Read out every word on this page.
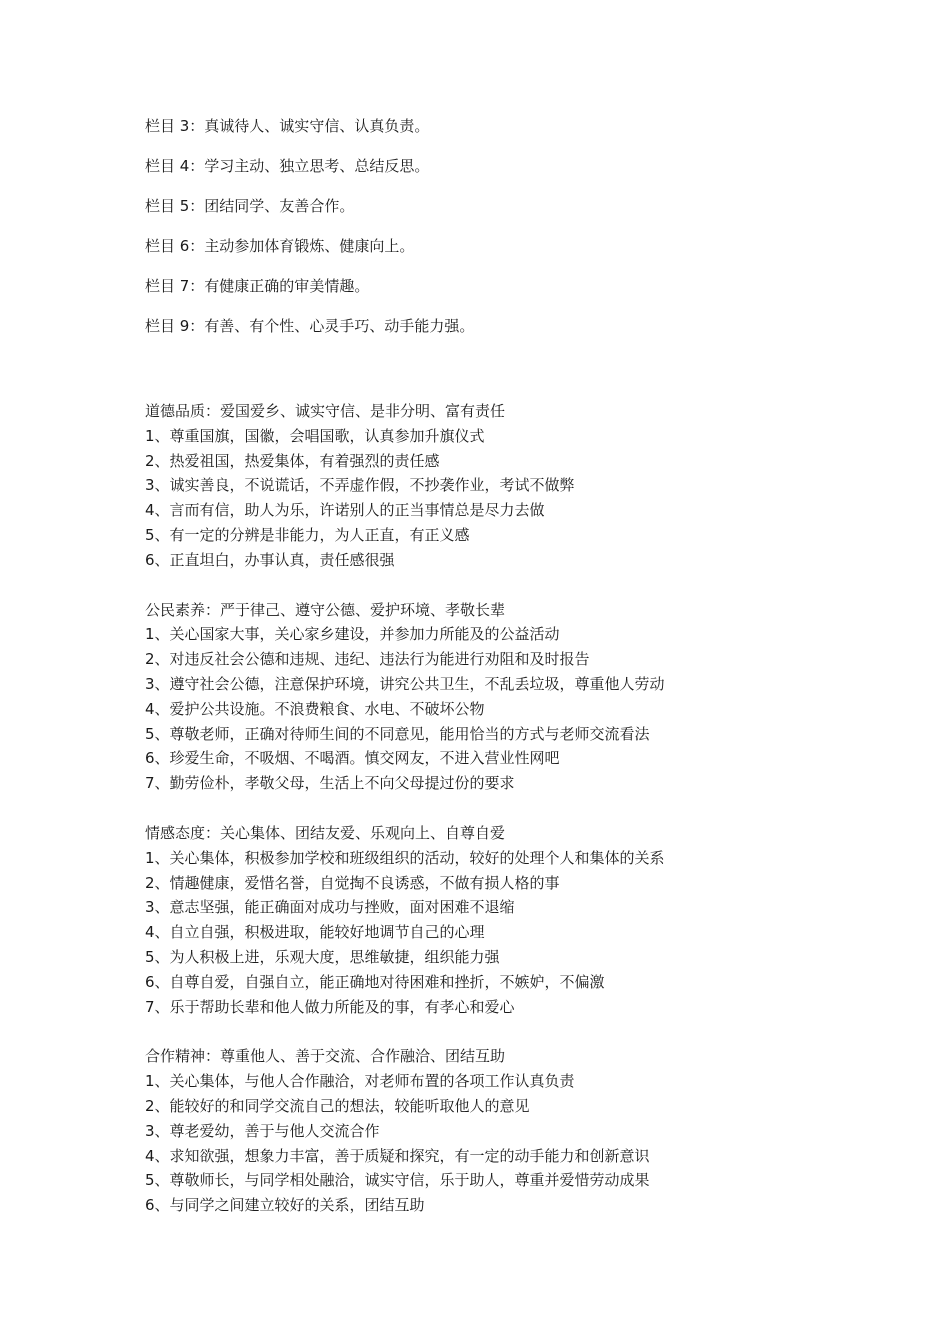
栏目 3：真诚待人、诚实守信、认真负责。
栏目 4：学习主动、独立思考、总结反思。
栏目 5：团结同学、友善合作。
栏目 6：主动参加体育锻炼、健康向上。
栏目 7：有健康正确的审美情趣。
栏目 9：有善、有个性、心灵手巧、动手能力强。
道德品质：爱国爱乡、诚实守信、是非分明、富有责任
1、尊重国旗，国徽，会唱国歌，认真参加升旗仪式
2、热爱祖国，热爱集体，有着强烈的责任感
3、诚实善良，不说谎话，不弄虚作假，不抄袭作业，考试不做弊
4、言而有信，助人为乐，许诺别人的正当事情总是尽力去做
5、有一定的分辨是非能力，为人正直，有正义感
6、正直坦白，办事认真，责任感很强
公民素养：严于律己、遵守公德、爱护环境、孝敬长辈
1、关心国家大事，关心家乡建设，并参加力所能及的公益活动
2、对违反社会公德和违规、违纪、违法行为能进行劝阻和及时报告
3、遵守社会公德，注意保护环境，讲究公共卫生，不乱丢垃圾，尊重他人劳动
4、爱护公共设施。不浪费粮食、水电、不破坏公物
5、尊敬老师，正确对待师生间的不同意见，能用恰当的方式与老师交流看法
6、珍爱生命，不吸烟、不喝酒。慎交网友，不进入营业性网吧
7、勤劳俭朴，孝敬父母，生活上不向父母提过份的要求
情感态度：关心集体、团结友爱、乐观向上、自尊自爱
1、关心集体，积极参加学校和班级组织的活动，较好的处理个人和集体的关系
2、情趣健康，爱惜名誉，自觉掏不良诱惑，不做有损人格的事
3、意志坚强，能正确面对成功与挫败，面对困难不退缩
4、自立自强，积极进取，能较好地调节自己的心理
5、为人积极上进，乐观大度，思维敏捷，组织能力强
6、自尊自爱，自强自立，能正确地对待困难和挫折，不嫉妒，不偏激
7、乐于帮助长辈和他人做力所能及的事，有孝心和爱心
合作精神：尊重他人、善于交流、合作融洽、团结互助
1、关心集体，与他人合作融洽，对老师布置的各项工作认真负责
2、能较好的和同学交流自己的想法，较能听取他人的意见
3、尊老爱幼，善于与他人交流合作
4、求知欲强，想象力丰富，善于质疑和探究，有一定的动手能力和创新意识
5、尊敬师长，与同学相处融洽，诚实守信，乐于助人，尊重并爱惜劳动成果
6、与同学之间建立较好的关系，团结互助
